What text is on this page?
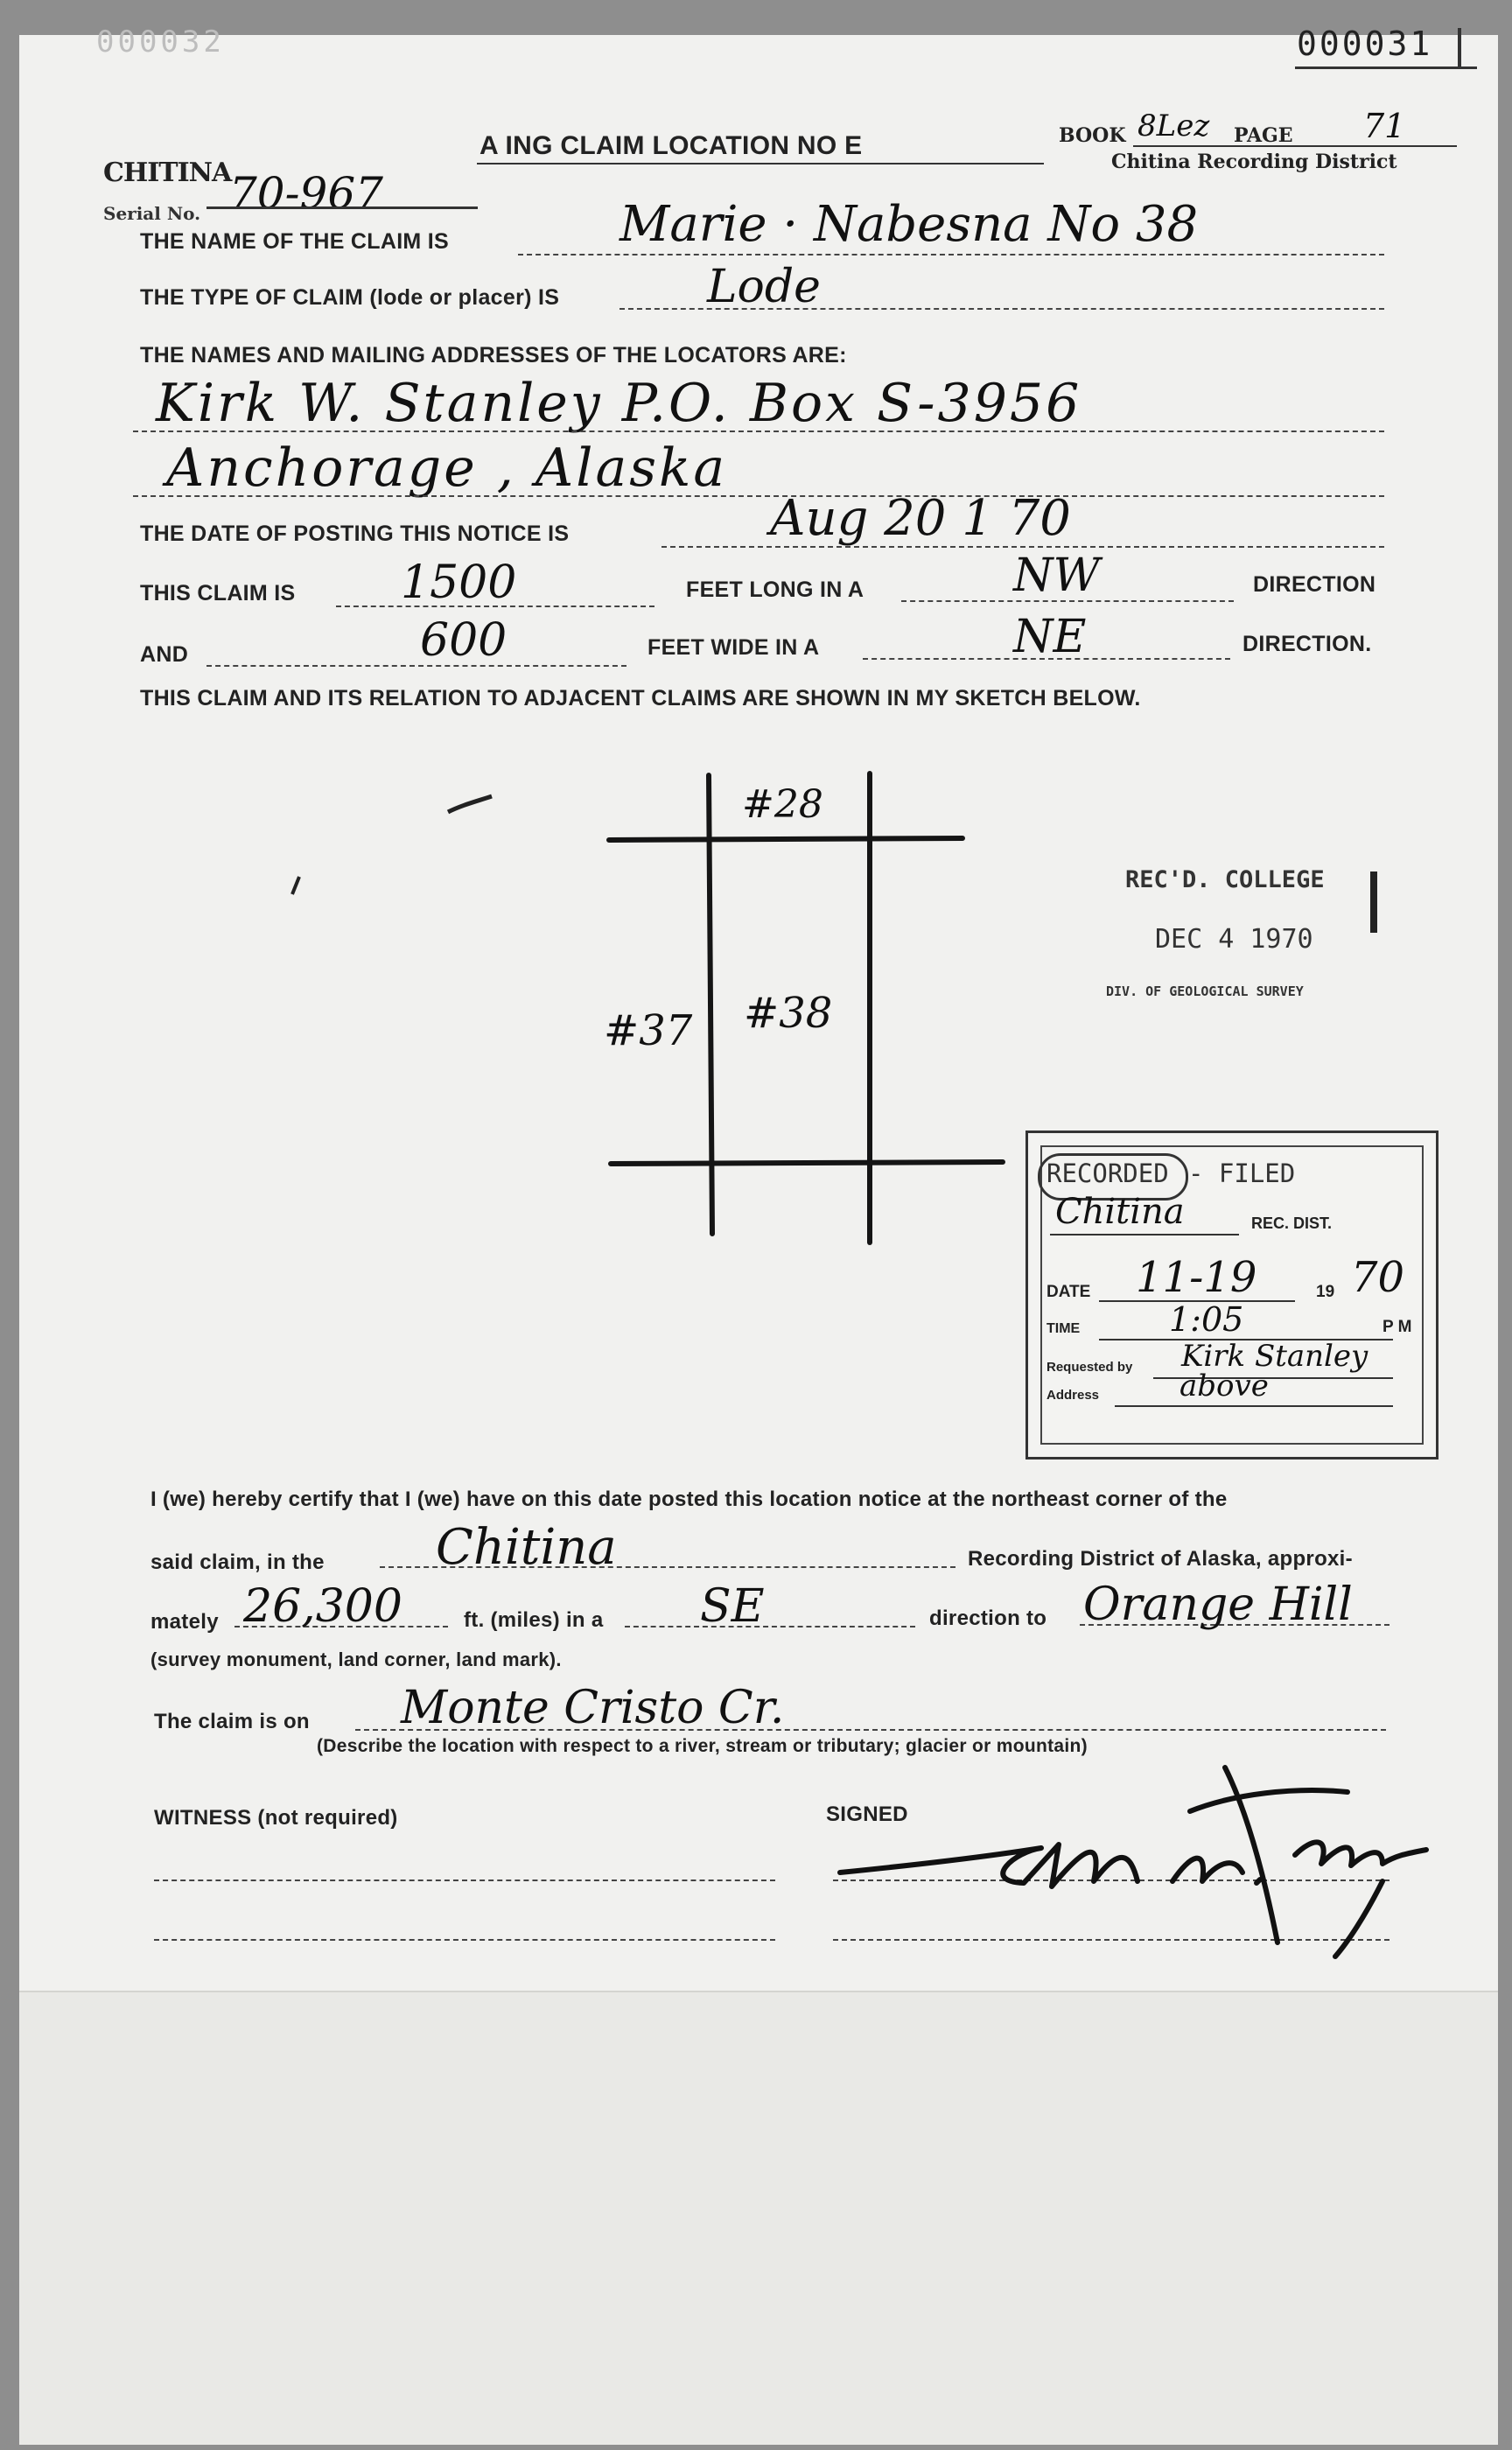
000032	000031
CHITINA
Serial No. 70-967
A ING CLAIM LOCATION NO E	BOOK 8Lez PAGE 71
Chitina Recording District
THE NAME OF THE CLAIM IS	Marie · Nabesna No 38
THE TYPE OF CLAIM (lode or placer) IS	Lode
THE NAMES AND MAILING ADDRESSES OF THE LOCATORS ARE:
Kirk W. Stanley P.O. Box S-3956
Anchorage , Alaska
THE DATE OF POSTING THIS NOTICE IS	Aug 20 1 70
THIS CLAIM IS 1500	FEET LONG IN A	NW	DIRECTION
AND	600	FEET WIDE IN A	NE	DIRECTION.
THIS CLAIM AND ITS RELATION TO ADJACENT CLAIMS ARE SHOWN IN MY SKETCH BELOW.
#28
#38
#37
REC'D. COLLEGE
DEC 4 1970
DIV. OF GEOLOGICAL SURVEY
RECORDED - FILED
Chitina	REC. DIST.
DATE 11-19	19 70
TIME	1:05	P M
Requested by Kirk Stanley
Address	above
I (we) hereby certify that I (we) have on this date posted this location notice at the northeast corner of the
said claim, in the Chitina	Recording District of Alaska, approxi-
mately 26,300	ft. (miles) in a SE	direction to Orange Hill
(survey monument, land corner, land mark).
The claim is on Monte Cristo Cr.
(Describe the location with respect to a river, stream or tributary; glacier or mountain)
WITNESS (not required)	SIGNED
